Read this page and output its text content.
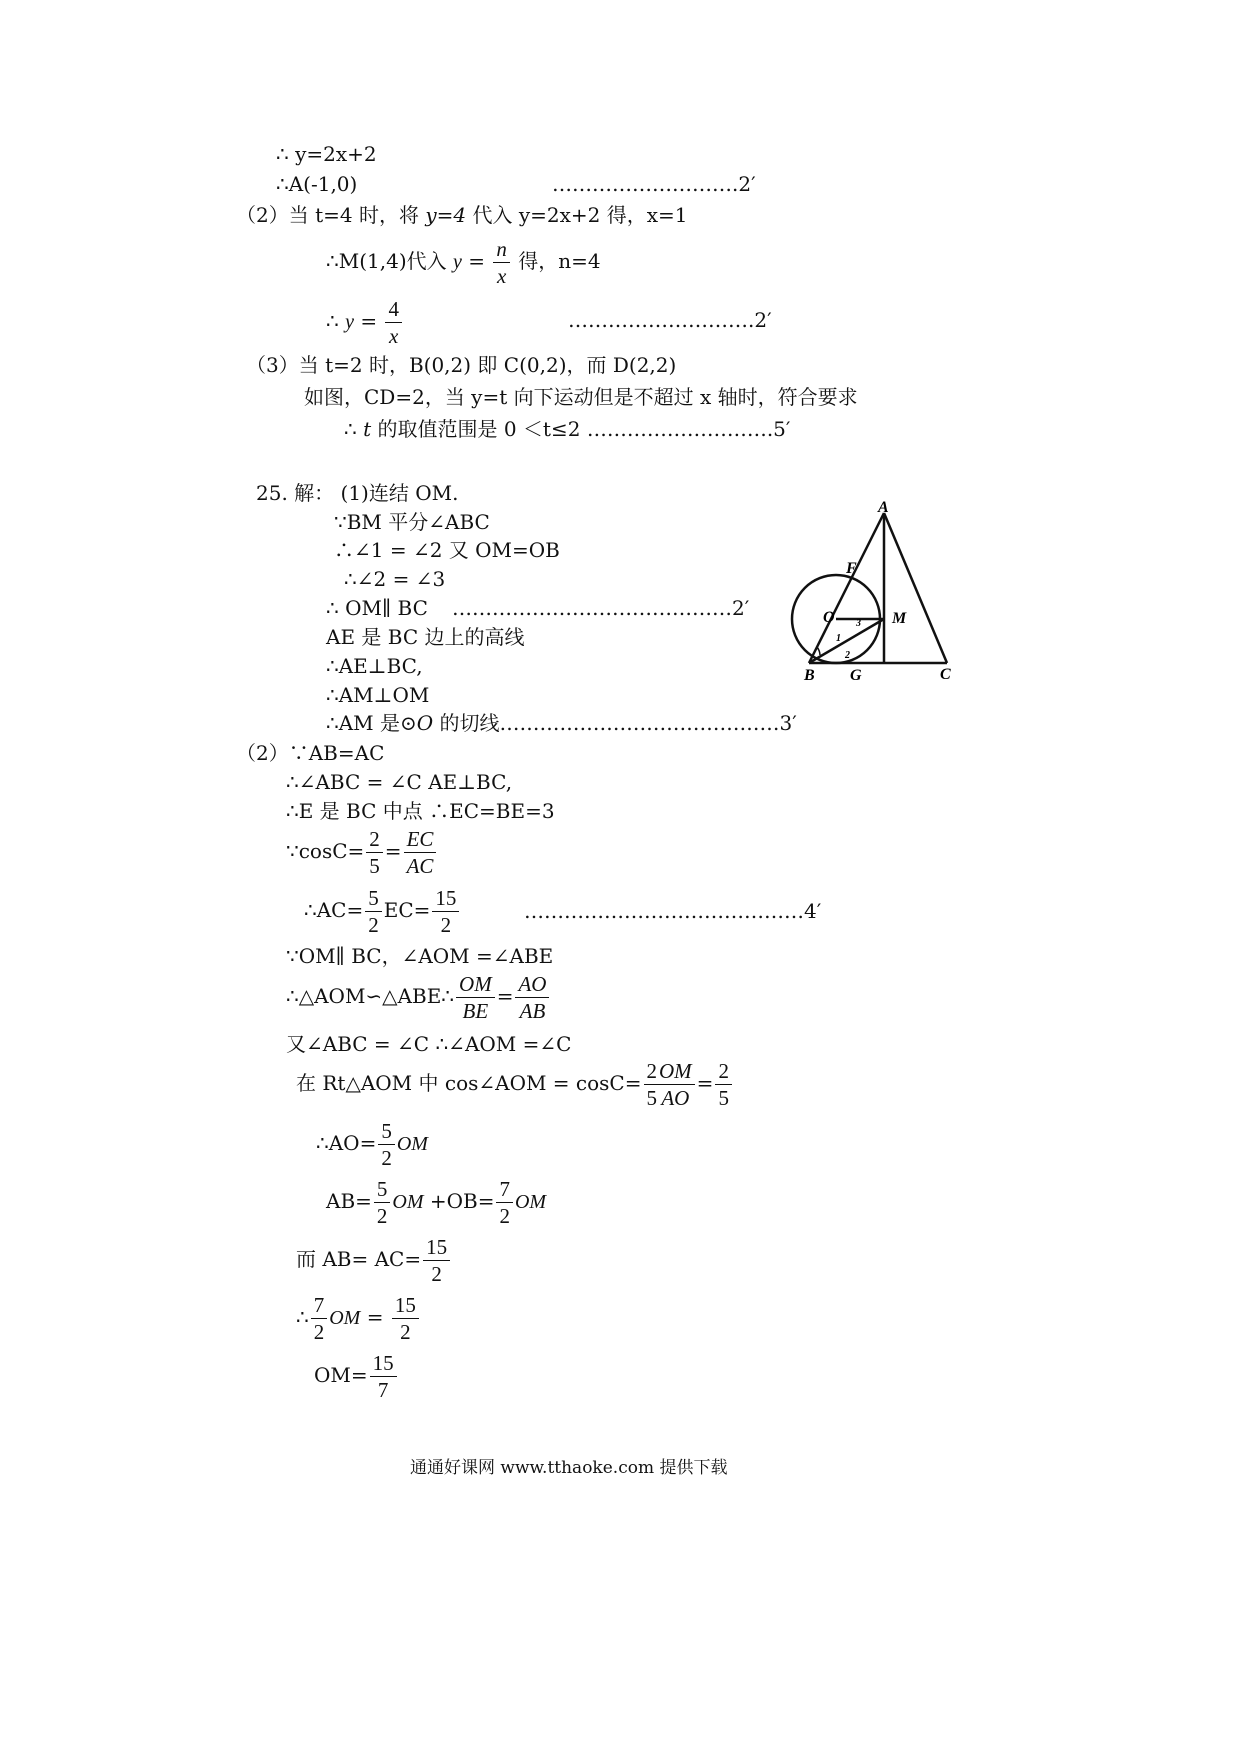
∴ y=2x+2
∴A(-1,0)	……………………….2′
（2）当 t=4 时，将 y=4 代入 y=2x+2 得，x=1
∴M(1,4)代入 $y = \frac{n}{x}$ 得，n=4
∴ $y = \frac{4}{x}$	……………………….2′
（3）当 t=2 时，B(0,2) 即 C(0,2)，而 D(2,2)
如图，CD=2，当 y=t 向下运动但是不超过 x 轴时，符合要求
∴ t 的取值范围是 0 ＜t≤2 ……………………….5′
25. 解： (1)连结 OM.
∵BM 平分∠ABC
∴∠1 = ∠2 又 OM=OB
∴∠2 = ∠3
∴ OM∥ BC ……………………………………2′
AE 是 BC 边上的高线
∴AE⊥BC,
∴AM⊥OM
∴AM 是⊙O 的切线……………………………………3′
（2）∵AB=AC
∴∠ABC = ∠C AE⊥BC,
∴E 是 BC 中点 ∴EC=BE=3
∵cosC= $\frac{2}{5} = \frac{EC}{AC}$
∴AC= $\frac{5}{2} EC= \frac{15}{2}$	……………………………………4′
∵OM∥ BC，∠AOM =∠ABE
∴△AOM∽△ABE∴ $\frac{OM}{BE} = \frac{AO}{AB}$
又∠ABC = ∠C ∴∠AOM =∠C
在 Rt△AOM 中 cos∠AOM = $\cos C= \frac{2}{5}$
$\frac{OM}{AO} = \frac{2}{5}$
∴AO= $\frac{5}{2}$ OM
$AB= \frac{5}{2}$ OM $+OB= \frac{7}{2}$ OM
而 $AB= AC= \frac{15}{2}$
∴ $\frac{7}{2}$ OM = $\frac{15}{2}$
$OM= \frac{15}{7}$
A
F
O	M
B G	C
1
2
3
通通好课网 www.tthaoke.com 提供下载
